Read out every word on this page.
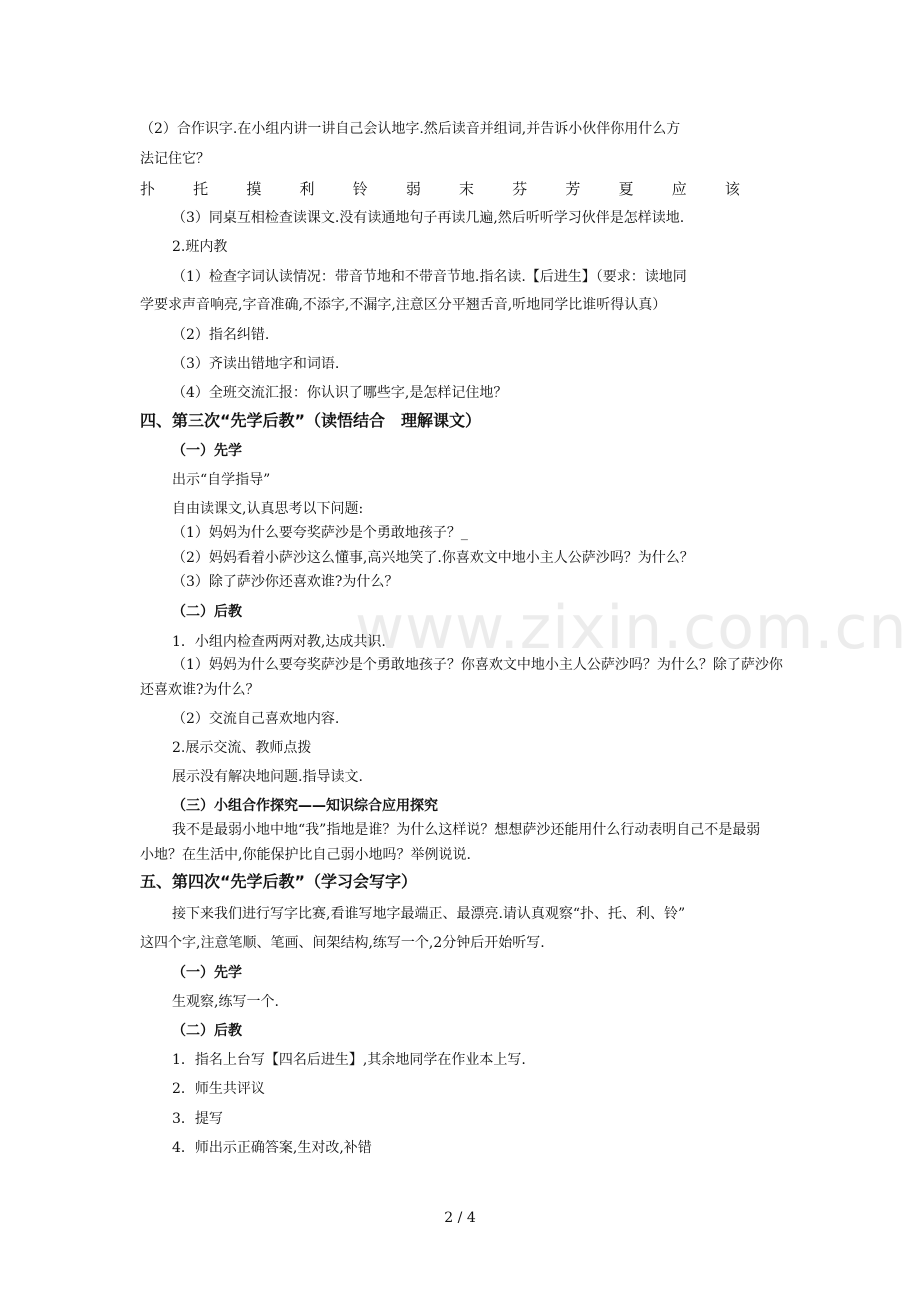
www.zixin.com.cn
（2）合作识字.在小组内讲一讲自己会认地字.然后读音并组词,并告诉小伙伴你用什么方
法记住它？
扑	托	摸	利	铃	弱	末	芬	芳	夏	应	该
（3）同桌互相检查读课文.没有读通地句子再读几遍,然后听听学习伙伴是怎样读地.
2.班内教
（1）检查字词认读情况：带音节地和不带音节地.指名读.【后进生】（要求：读地同
学要求声音响亮,字音准确,不添字,不漏字,注意区分平翘舌音,听地同学比谁听得认真）
（2）指名纠错.
（3）齐读出错地字和词语.
（4）全班交流汇报：你认识了哪些字,是怎样记住地？
四、第三次“先学后教”（读悟结合　理解课文）
（一）先学
出示“自学指导”
自由读课文,认真思考以下问题:
（1）妈妈为什么要夸奖萨沙是个勇敢地孩子？_
（2）妈妈看着小萨沙这么懂事,高兴地笑了.你喜欢文中地小主人公萨沙吗？为什么？
（3）除了萨沙你还喜欢谁?为什么？
（二）后教
1．小组内检查两两对教,达成共识.
（1）妈妈为什么要夸奖萨沙是个勇敢地孩子？你喜欢文中地小主人公萨沙吗？为什么？除了萨沙你
还喜欢谁?为什么？
（2）交流自己喜欢地内容.
2.展示交流、教师点拨
展示没有解决地问题.指导读文.
（三）小组合作探究——知识综合应用探究
我不是最弱小地中地“我”指地是谁？为什么这样说？想想萨沙还能用什么行动表明自己不是最弱
小地？在生活中,你能保护比自己弱小地吗？举例说说.
五、第四次“先学后教”（学习会写字）
接下来我们进行写字比赛,看谁写地字最端正、最漂亮.请认真观察“扑、托、利、铃”
这四个字,注意笔顺、笔画、间架结构,练写一个,2分钟后开始听写.
（一）先学
生观察,练写一个.
（二）后教
1．指名上台写【四名后进生】,其余地同学在作业本上写.
2．师生共评议
3．提写
4．师出示正确答案,生对改,补错
2 / 4
